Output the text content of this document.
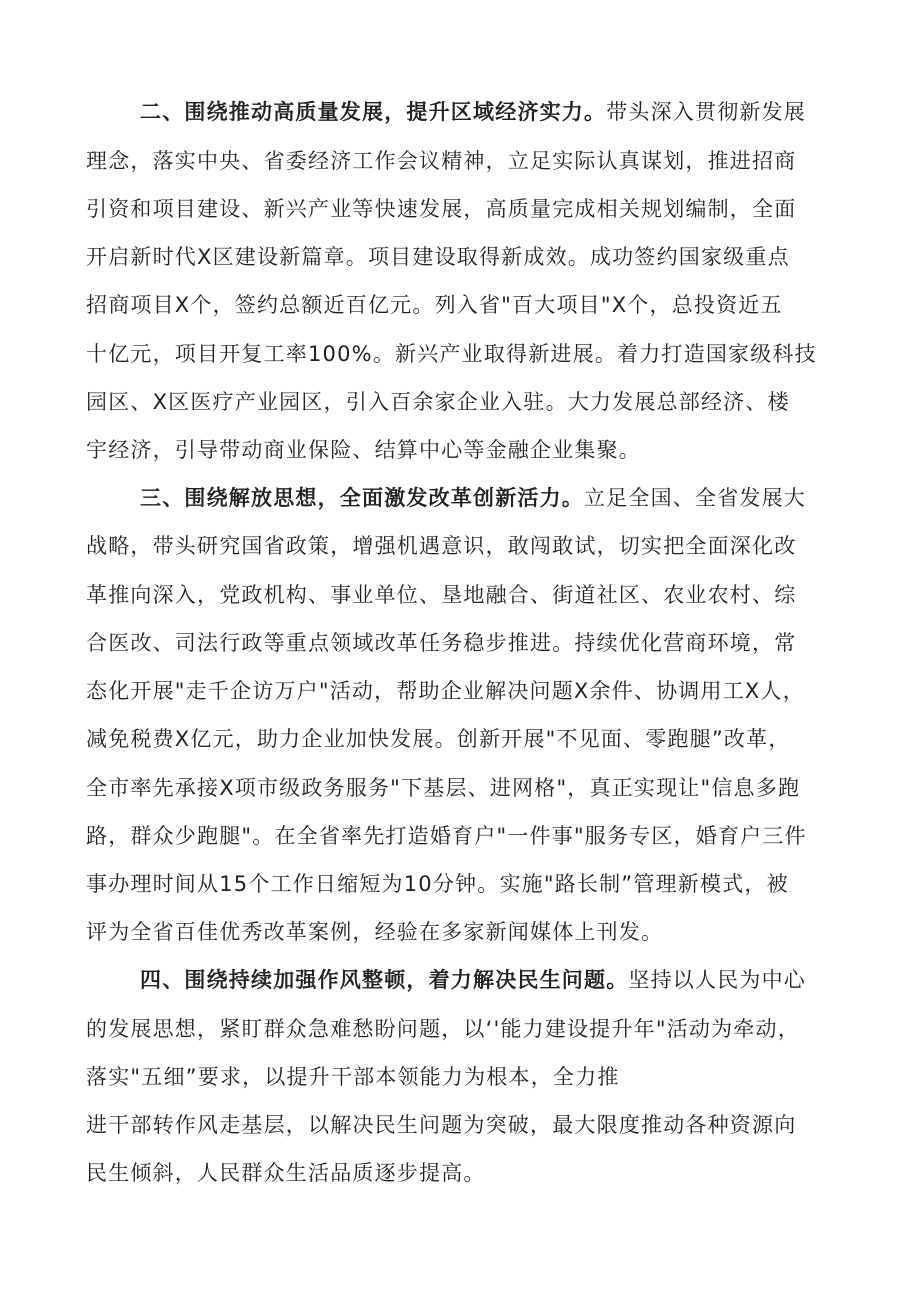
二、围绕推动高质量发展，提升区域经济实力。带头深入贯彻新发展
理念，落实中央、省委经济工作会议精神，立足实际认真谋划，推进招商
引资和项目建设、新兴产业等快速发展，高质量完成相关规划编制，全面
开启新时代X区建设新篇章。项目建设取得新成效。成功签约国家级重点
招商项目X个，签约总额近百亿元。列入省"百大项目"X个，总投资近五
十亿元，项目开复工率100%。新兴产业取得新进展。着力打造国家级科技
园区、X区医疗产业园区，引入百余家企业入驻。大力发展总部经济、楼
宇经济，引导带动商业保险、结算中心等金融企业集聚。
三、围绕解放思想，全面激发改革创新活力。立足全国、全省发展大
战略，带头研究国省政策，增强机遇意识，敢闯敢试，切实把全面深化改
革推向深入，党政机构、事业单位、垦地融合、街道社区、农业农村、综
合医改、司法行政等重点领域改革任务稳步推进。持续优化营商环境，常
态化开展"走千企访万户"活动，帮助企业解决问题X余件、协调用工X人，
减免税费X亿元，助力企业加快发展。创新开展"不见面、零跑腿”改革，
全市率先承接X项市级政务服务"下基层、进网格"，真正实现让"信息多跑
路，群众少跑腿"。在全省率先打造婚育户"一件事"服务专区，婚育户三件
事办理时间从15个工作日缩短为10分钟。实施"路长制”管理新模式，被
评为全省百佳优秀改革案例，经验在多家新闻媒体上刊发。
四、围绕持续加强作风整顿，着力解决民生问题。坚持以人民为中心
的发展思想，紧盯群众急难愁盼问题，以‘'能力建设提升年"活动为牵动，
落实"五细”要求，以提升干部本领能力为根本，全力推
进干部转作风走基层，以解决民生问题为突破，最大限度推动各种资源向
民生倾斜，人民群众生活品质逐步提高。
